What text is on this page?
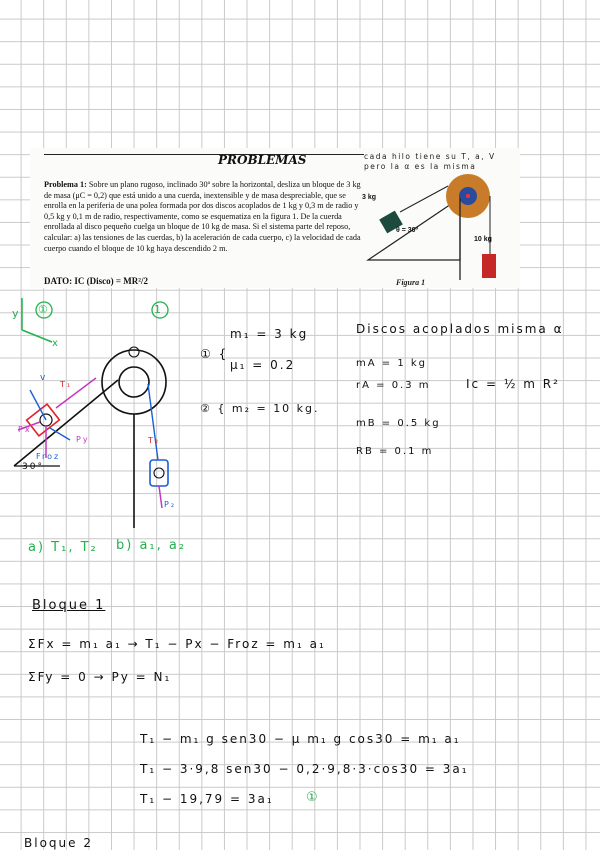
PROBLEMAS
Problema 1: Sobre un plano rugoso, inclinado 30º sobre la horizontal, desliza un bloque de 3 kg de masa (μC = 0,2) que está unido a una cuerda, inextensible y de masa despreciable, que se enrolla en la periferia de una polea formada por dos discos acoplados de 1 kg y 0,3 m de radio y 0,5 kg y 0,1 m de radio, respectivamente, como se esquematiza en la figura 1. De la cuerda enrollada al disco pequeño cuelga un bloque de 10 kg de masa. Si el sistema parte del reposo, calcular: a) las tensiones de las cuerdas, b) la aceleración de cada cuerpo, c) la velocidad de cada cuerpo cuando el bloque de 10 kg haya descendido 2 m.
DATO: IC (Disco) = MR²/2
cada hilo tiene su T, a, V
pero la α es la misma
3 kg
θ = 30º
10 kg
Figura 1
y
x
①	1
v
T₁
Px
Py
Froz
30°
T₂
P₂
① {
m₁ = 3 kg
μ₁ = 0.2
② { m₂ = 10 kg.
Discos acoplados misma α
mA = 1 kg
rA = 0.3 m
mB = 0.5 kg
RB = 0.1 m
Ic = ½ m R²
a) T₁, T₂ b) a₁, a₂
Bloque 1
ΣFx = m₁ a₁ → T₁ − Px − Froz = m₁ a₁
ΣFy = 0 → Py = N₁
T₁ − m₁ g sen30 − μ m₁ g cos30 = m₁ a₁
T₁ − 3·9,8 sen30 − 0,2·9,8·3·cos30 = 3a₁
T₁ − 19,79 = 3a₁ ①
Bloque 2
